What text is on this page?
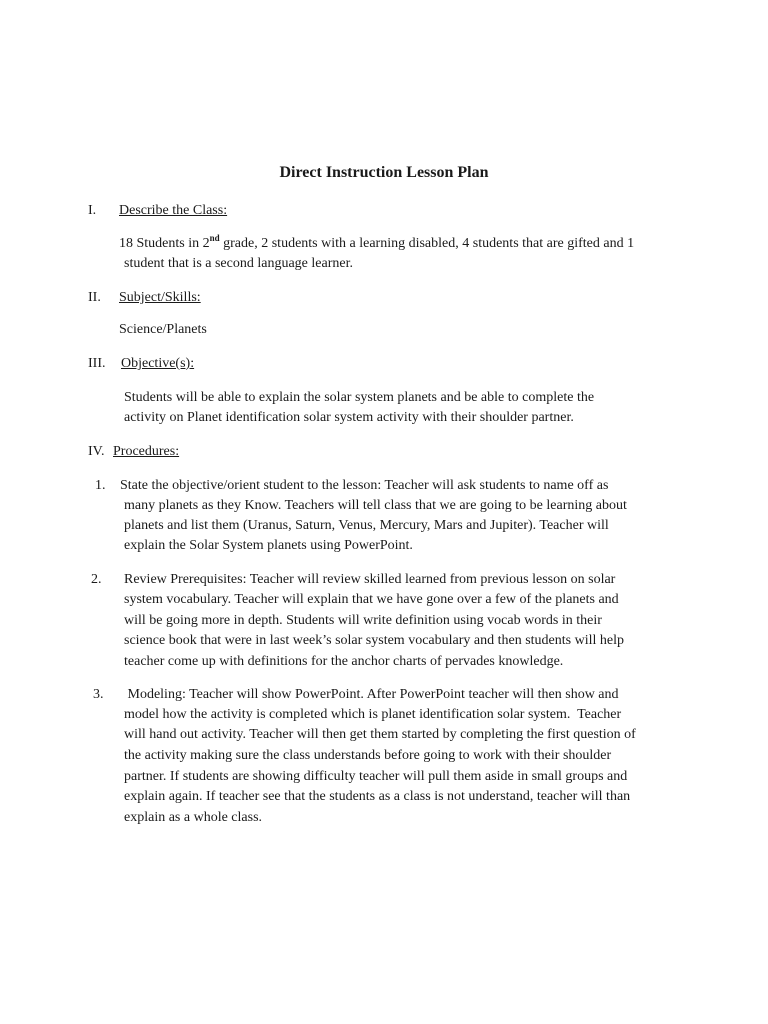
Direct Instruction Lesson Plan
I. Describe the Class:
18 Students in 2nd grade, 2 students with a learning disabled, 4 students that are gifted and 1
student that is a second language learner.
II. Subject/Skills:
Science/Planets
III. Objective(s):
Students will be able to explain the solar system planets and be able to complete the
activity on Planet identification solar system activity with their shoulder partner.
IV. Procedures:
1. State the objective/orient student to the lesson: Teacher will ask students to name off as
many planets as they Know. Teachers will tell class that we are going to be learning about
planets and list them (Uranus, Saturn, Venus, Mercury, Mars and Jupiter). Teacher will
explain the Solar System planets using PowerPoint.
2. Review Prerequisites: Teacher will review skilled learned from previous lesson on solar
system vocabulary. Teacher will explain that we have gone over a few of the planets and
will be going more in depth. Students will write definition using vocab words in their
science book that were in last week’s solar system vocabulary and then students will help
teacher come up with definitions for the anchor charts of pervades knowledge.
3. Modeling: Teacher will show PowerPoint. After PowerPoint teacher will then show and
model how the activity is completed which is planet identification solar system.  Teacher
will hand out activity. Teacher will then get them started by completing the first question of
the activity making sure the class understands before going to work with their shoulder
partner. If students are showing difficulty teacher will pull them aside in small groups and
explain again. If teacher see that the students as a class is not understand, teacher will than
explain as a whole class.
